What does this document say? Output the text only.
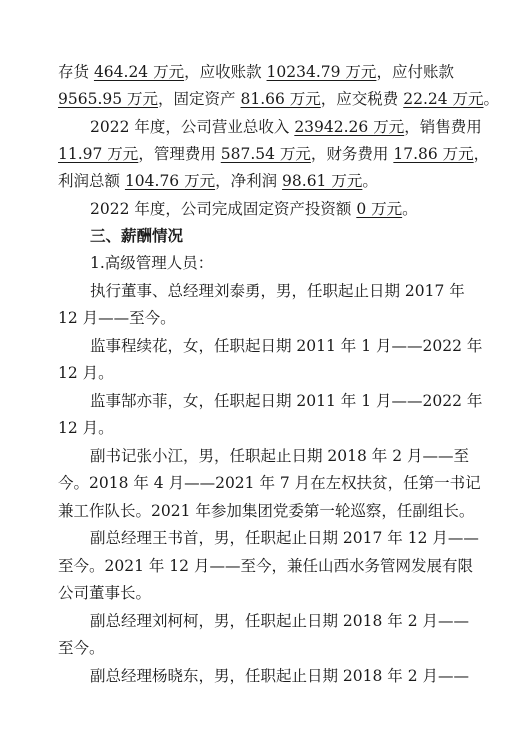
存货 464.24 万元，应收账款 10234.79 万元，应付账款
9565.95 万元，固定资产 81.66 万元，应交税费 22.24 万元。
2022 年度，公司营业总收入 23942.26 万元，销售费用
11.97 万元，管理费用 587.54 万元，财务费用 17.86 万元，
利润总额 104.76 万元，净利润 98.61 万元。
2022 年度，公司完成固定资产投资额 0 万元。
三、薪酬情况
1.高级管理人员：
执行董事、总经理刘泰勇，男，任职起止日期 2017 年
12 月——至今。
监事程续花，女，任职起日期 2011 年 1 月——2022 年
12 月。
监事郜亦菲，女，任职起日期 2011 年 1 月——2022 年
12 月。
副书记张小江，男，任职起止日期 2018 年 2 月——至
今。2018 年 4 月——2021 年 7 月在左权扶贫，任第一书记
兼工作队长。2021 年参加集团党委第一轮巡察，任副组长。
副总经理王书首，男，任职起止日期 2017 年 12 月——
至今。2021 年 12 月——至今，兼任山西水务管网发展有限
公司董事长。
副总经理刘柯柯，男，任职起止日期 2018 年 2 月——
至今。
副总经理杨晓东，男，任职起止日期 2018 年 2 月——
